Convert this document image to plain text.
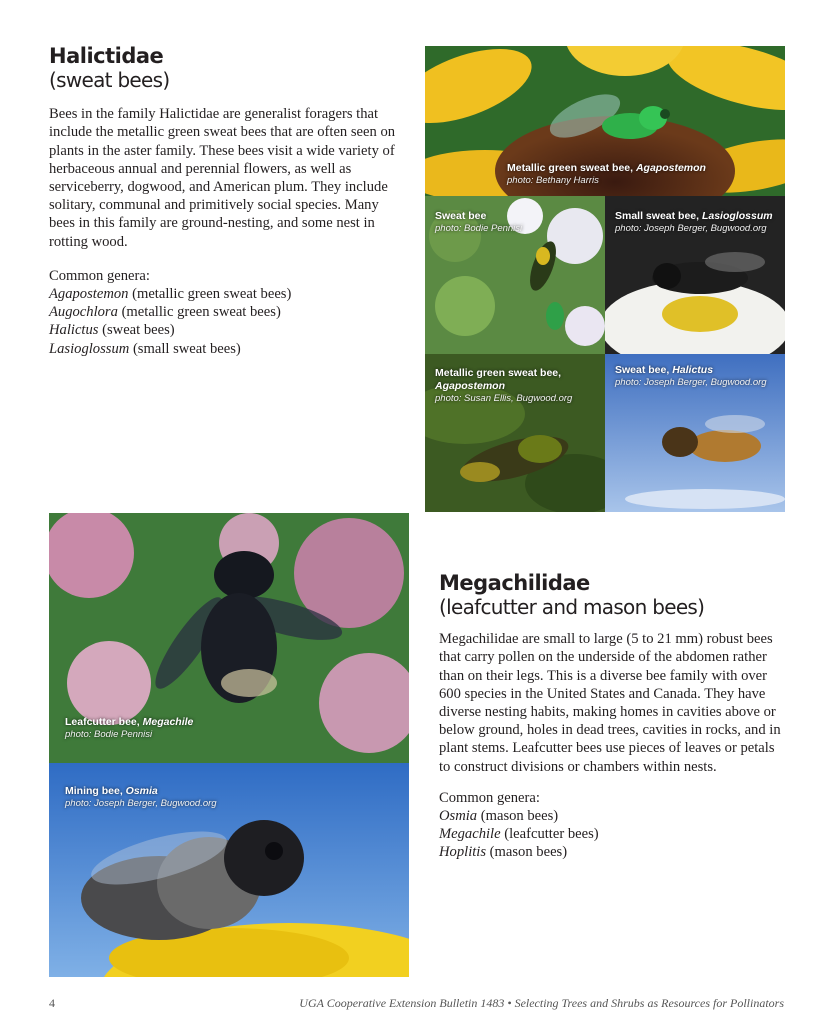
Halictidae
(sweat bees)

Bees in the family Halictidae are generalist foragers that include the metallic green sweat bees that are often seen on plants in the aster family. These bees visit a wide variety of herbaceous annual and perennial flowers, as well as serviceberry, dogwood, and American plum. They include solitary, communal and primitively social species. Many bees in this family are ground-nesting, and some nest in rotting wood.

Common genera:
Agapostemon (metallic green sweat bees)
Augochlora (metallic green sweat bees)
Halictus (sweat bees)
Lasioglossum (small sweat bees)
Metallic green sweat bee, Agapostemon
photo: Bethany Harris
Sweat bee
photo: Bodie Pennisi
Small sweat bee, Lasioglossum
photo: Joseph Berger, Bugwood.org
Metallic green sweat bee,
Agapostemon
photo: Susan Ellis, Bugwood.org
Sweat bee, Halictus
photo: Joseph Berger, Bugwood.org
Leafcutter bee, Megachile
photo: Bodie Pennisi
Mining bee, Osmia
photo: Joseph Berger, Bugwood.org
Megachilidae
(leafcutter and mason bees)

Megachilidae are small to large (5 to 21 mm) robust bees that carry pollen on the underside of the abdomen rather than on their legs. This is a diverse bee family with over 600 species in the United States and Canada. They have diverse nesting habits, making homes in cavities above or below ground, holes in dead trees, cavities in rocks, and in plant stems. Leafcutter bees use pieces of leaves or petals to construct divisions or chambers within nests.

Common genera:
Osmia (mason bees)
Megachile (leafcutter bees)
Hoplitis (mason bees)
4	UGA Cooperative Extension Bulletin 1483 • Selecting Trees and Shrubs as Resources for Pollinators
